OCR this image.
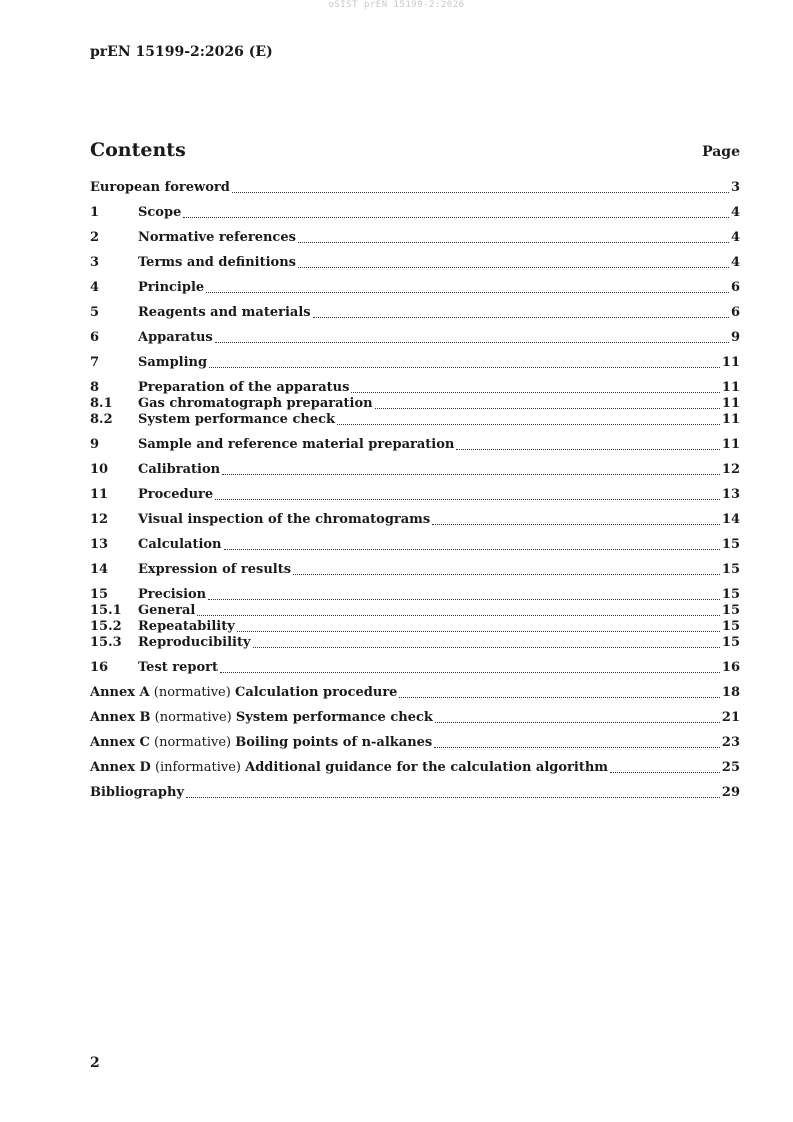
oSIST prEN 15199-2:2026
prEN 15199-2:2026 (E)
Contents	Page
European foreword	3
1	Scope	4
2	Normative references	4
3	Terms and definitions	4
4	Principle	6
5	Reagents and materials	6
6	Apparatus	9
7	Sampling	11
8	Preparation of the apparatus	11
8.1	Gas chromatograph preparation	11
8.2	System performance check	11
9	Sample and reference material preparation	11
10	Calibration	12
11	Procedure	13
12	Visual inspection of the chromatograms	14
13	Calculation	15
14	Expression of results	15
15	Precision	15
15.1	General	15
15.2	Repeatability	15
15.3	Reproducibility	15
16	Test report	16
Annex A (normative) Calculation procedure	18
Annex B (normative) System performance check	21
Annex C (normative) Boiling points of n-alkanes	23
Annex D (informative) Additional guidance for the calculation algorithm	25
Bibliography	29
2
